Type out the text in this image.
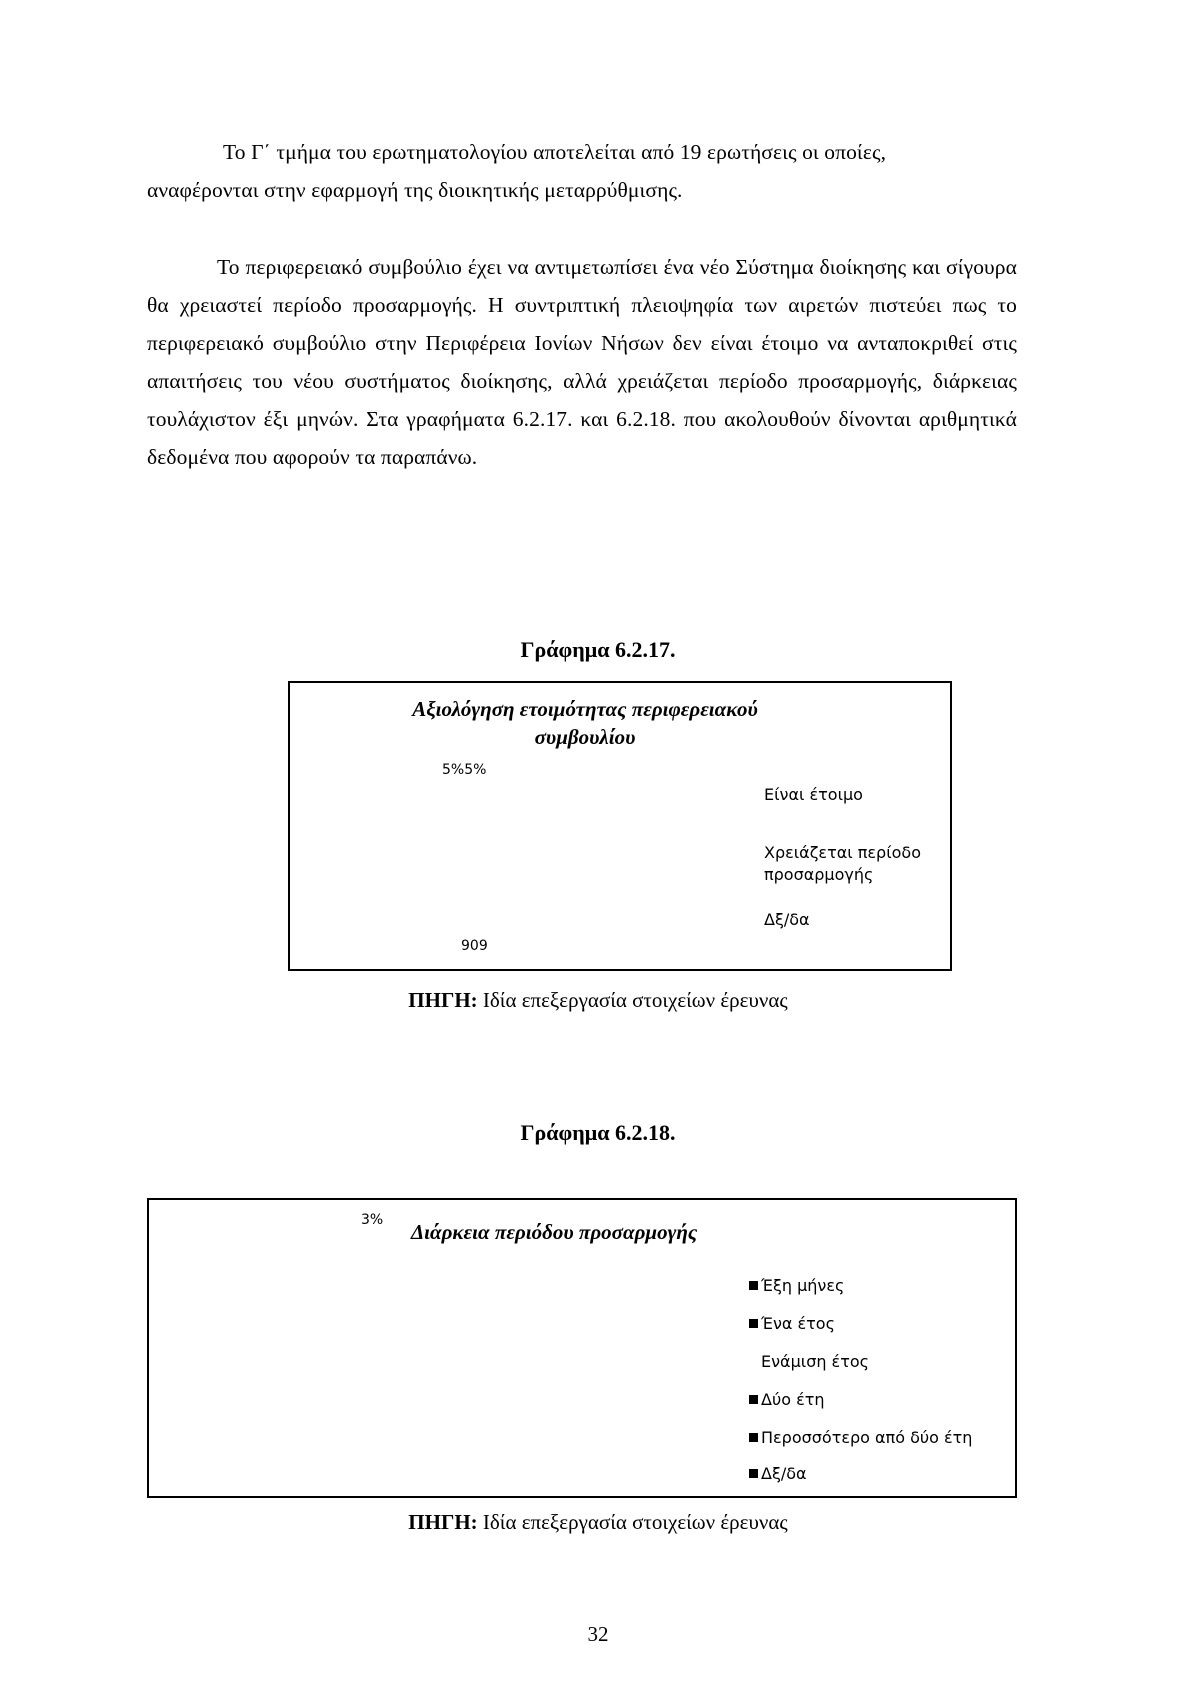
Το Γ΄ τμήμα του ερωτηματολογίου αποτελείται από 19 ερωτήσεις οι οποίες,

αναφέρονται στην εφαρμογή της διοικητικής μεταρρύθμισης.

Το περιφερειακό συμβούλιο έχει να αντιμετωπίσει ένα νέο Σύστημα διοίκησης και σίγουρα θα χρειαστεί περίοδο προσαρμογής. Η συντριπτική πλειοψηφία των αιρετών πιστεύει πως το περιφερειακό συμβούλιο στην Περιφέρεια Ιονίων Νήσων δεν είναι έτοιμο να ανταποκριθεί στις απαιτήσεις του νέου συστήματος διοίκησης, αλλά χρειάζεται περίοδο προσαρμογής, διάρκειας τουλάχιστον έξι μηνών. Στα γραφήματα 6.2.17. και 6.2.18. που ακολουθούν δίνονται αριθμητικά δεδομένα που αφορούν τα παραπάνω.

Γράφημα 6.2.17.
Αξιολόγηση ετοιμότητας περιφερειακού
συμβουλίου
5%5%
909
Είναι έτοιμο
Χρειάζεται περίοδο
προσαρμογής
Δξ/δα
ΠΗΓΗ: Ιδία επεξεργασία στοιχείων έρευνας
Γράφημα 6.2.18.
3% Διάρκεια περιόδου προσαρμογής
Έξη μήνες
Ένα έτος
Ενάμιση έτος
Δύο έτη
Περοσσότερο από δύο έτη
Δξ/δα
ΠΗΓΗ: Ιδία επεξεργασία στοιχείων έρευνας
32
